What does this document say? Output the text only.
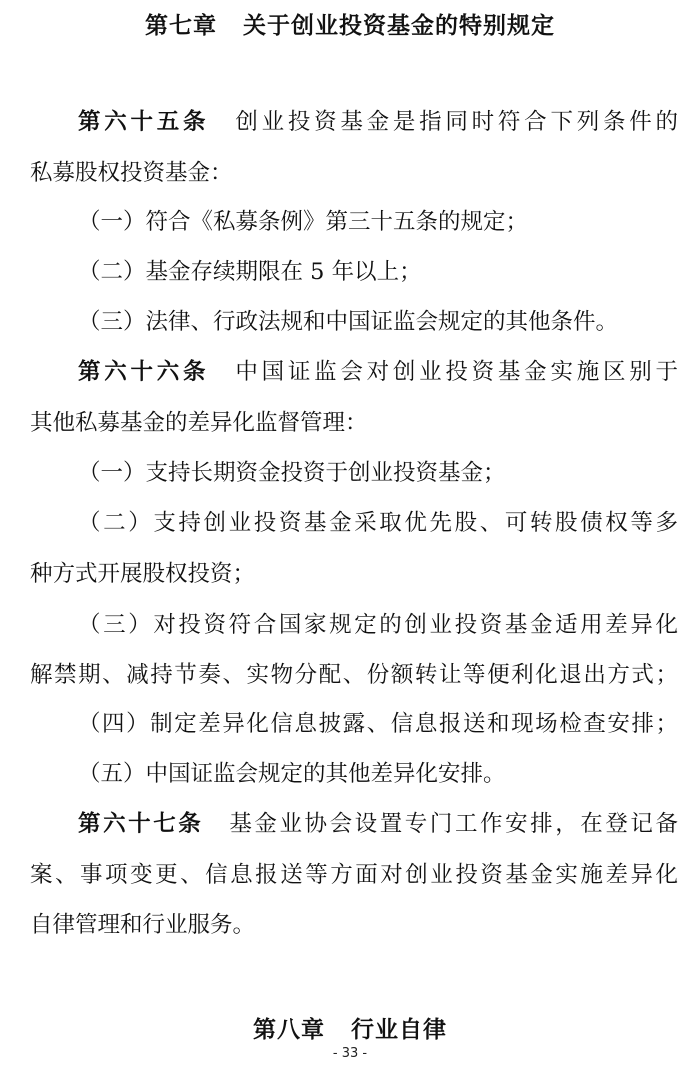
第七章 关于创业投资基金的特别规定
第六十五条 创业投资基金是指同时符合下列条件的
私募股权投资基金：
（一）符合《私募条例》第三十五条的规定；
（二）基金存续期限在 5 年以上；
（三）法律、行政法规和中国证监会规定的其他条件。
第六十六条 中国证监会对创业投资基金实施区别于
其他私募基金的差异化监督管理：
（一）支持长期资金投资于创业投资基金；
（二）支持创业投资基金采取优先股、可转股债权等多
种方式开展股权投资；
（三）对投资符合国家规定的创业投资基金适用差异化
解禁期、减持节奏、实物分配、份额转让等便利化退出方式；
（四）制定差异化信息披露、信息报送和现场检查安排；
（五）中国证监会规定的其他差异化安排。
第六十七条 基金业协会设置专门工作安排，在登记备
案、事项变更、信息报送等方面对创业投资基金实施差异化
自律管理和行业服务。
第八章 行业自律
- 33 -
